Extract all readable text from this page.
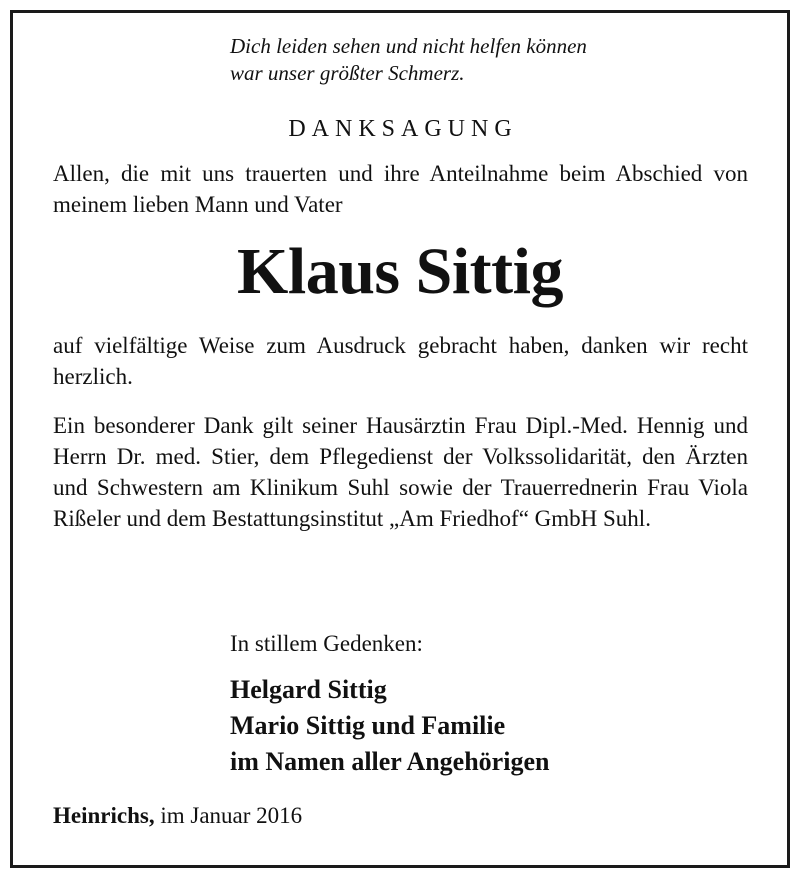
Dich leiden sehen und nicht helfen können
war unser größter Schmerz.
DANKSAGUNG
Allen, die mit uns trauerten und ihre Anteilnahme beim Abschied von meinem lieben Mann und Vater
Klaus Sittig
auf vielfältige Weise zum Ausdruck gebracht haben, danken wir recht herzlich.
Ein besonderer Dank gilt seiner Hausärztin Frau Dipl.-Med. Hennig und Herrn Dr. med. Stier, dem Pflegedienst der Volkssolidarität, den Ärzten und Schwestern am Klinikum Suhl sowie der Trauerrednerin Frau Viola Rißeler und dem Bestattungsinstitut „Am Friedhof“ GmbH Suhl.
In stillem Gedenken:
Helgard Sittig
Mario Sittig und Familie
im Namen aller Angehörigen
Heinrichs, im Januar 2016
